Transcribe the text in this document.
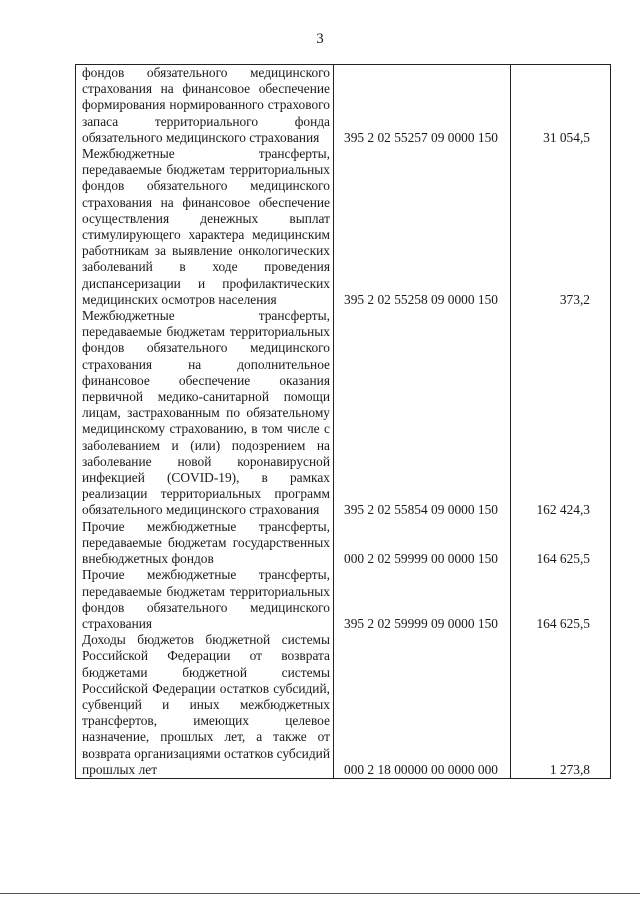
3
фондов обязательного медицинского страхования на финансовое обеспечение формирования нормированного страхового запаса территориального фонда обязательного медицинского страхования	395 2 02 55257 09 0000 150	31 054,5
Межбюджетные трансферты, передаваемые бюджетам территориальных фондов обязательного медицинского страхования на финансовое обеспечение осуществления денежных выплат стимулирующего характера медицинским работникам за выявление онкологических заболеваний в ходе проведения диспансеризации и профилактических медицинских осмотров населения	395 2 02 55258 09 0000 150	373,2
Межбюджетные трансферты, передаваемые бюджетам территориальных фондов обязательного медицинского страхования на дополнительное финансовое обеспечение оказания первичной медико-санитарной помощи лицам, застрахованным по обязательному медицинскому страхованию, в том числе с заболеванием и (или) подозрением на заболевание новой коронавирусной инфекцией (COVID-19), в рамках реализации территориальных программ обязательного медицинского страхования	395 2 02 55854 09 0000 150	162 424,3
Прочие межбюджетные трансферты, передаваемые бюджетам государственных внебюджетных фондов	000 2 02 59999 00 0000 150	164 625,5
Прочие межбюджетные трансферты, передаваемые бюджетам территориальных фондов обязательного медицинского страхования	395 2 02 59999 09 0000 150	164 625,5
Доходы бюджетов бюджетной системы Российской Федерации от возврата бюджетами бюджетной системы Российской Федерации остатков субсидий, субвенций и иных межбюджетных трансфертов, имеющих целевое назначение, прошлых лет, а также от возврата организациями остатков субсидий прошлых лет	000 2 18 00000 00 0000 000	1 273,8
